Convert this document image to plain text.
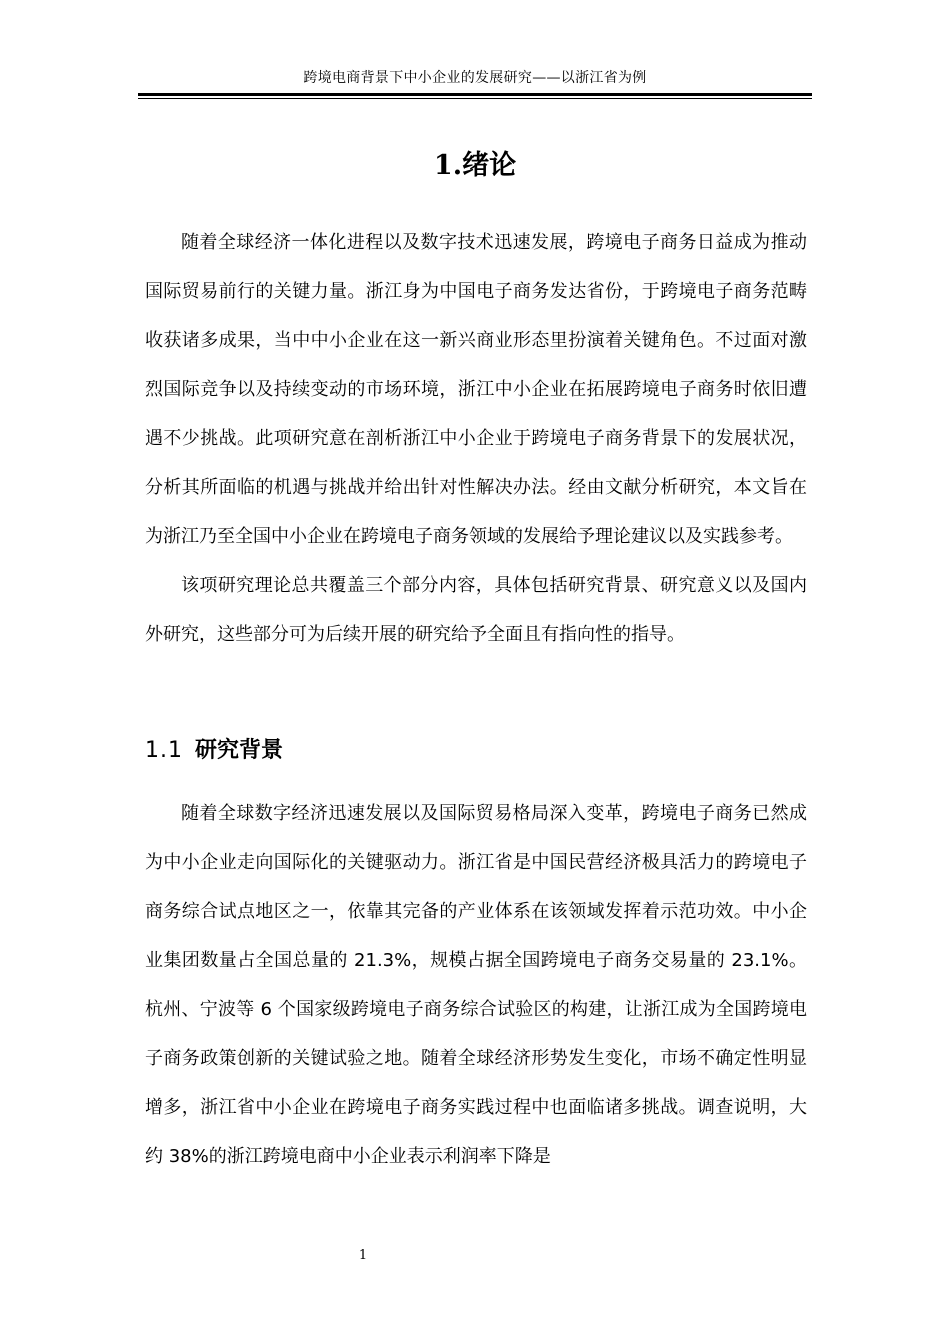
跨境电商背景下中小企业的发展研究——以浙江省为例
1.绪论

随着全球经济一体化进程以及数字技术迅速发展，跨境电子商务日益成为推动国际贸易前行的关键力量。浙江身为中国电子商务发达省份，于跨境电子商务范畴收获诸多成果，当中中小企业在这一新兴商业形态里扮演着关键角色。不过面对激烈国际竞争以及持续变动的市场环境，浙江中小企业在拓展跨境电子商务时依旧遭遇不少挑战。此项研究意在剖析浙江中小企业于跨境电子商务背景下的发展状况，分析其所面临的机遇与挑战并给出针对性解决办法。经由文献分析研究，本文旨在为浙江乃至全国中小企业在跨境电子商务领域的发展给予理论建议以及实践参考。

该项研究理论总共覆盖三个部分内容，具体包括研究背景、研究意义以及国内外研究，这些部分可为后续开展的研究给予全面且有指向性的指导。

1.1 研究背景

随着全球数字经济迅速发展以及国际贸易格局深入变革，跨境电子商务已然成为中小企业走向国际化的关键驱动力。浙江省是中国民营经济极具活力的跨境电子商务综合试点地区之一，依靠其完备的产业体系在该领域发挥着示范功效。中小企业集团数量占全国总量的 21.3%，规模占据全国跨境电子商务交易量的 23.1%。杭州、宁波等 6 个国家级跨境电子商务综合试验区的构建，让浙江成为全国跨境电子商务政策创新的关键试验之地。随着全球经济形势发生变化，市场不确定性明显增多，浙江省中小企业在跨境电子商务实践过程中也面临诸多挑战。调查说明，大约 38%的浙江跨境电商中小企业表示利润率下降是

1
